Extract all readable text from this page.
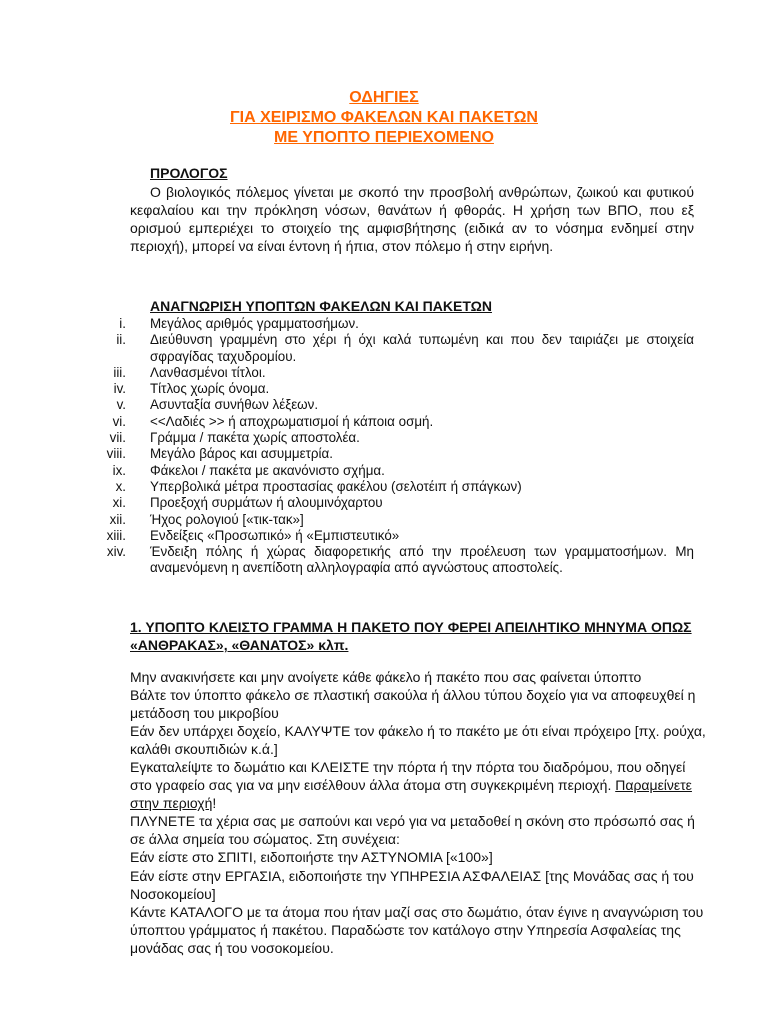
ΟΔΗΓΙΕΣ
ΓΙΑ ΧΕΙΡΙΣΜΟ ΦΑΚΕΛΩΝ ΚΑΙ ΠΑΚΕΤΩΝ
ΜΕ ΥΠΟΠΤΟ ΠΕΡΙΕΧΟΜΕΝΟ
ΠΡΟΛΟΓΟΣ
Ο βιολογικός πόλεμος γίνεται με σκοπό την προσβολή ανθρώπων, ζωικού και φυτικού κεφαλαίου και την πρόκληση νόσων, θανάτων ή φθοράς. Η χρήση των ΒΠΟ, που εξ ορισμού εμπεριέχει το στοιχείο της αμφισβήτησης (ειδικά αν το νόσημα ενδημεί στην περιοχή), μπορεί να είναι έντονη ή ήπια, στον πόλεμο ή στην ειρήνη.
ΑΝΑΓΝΩΡΙΣΗ ΥΠΟΠΤΩΝ ΦΑΚΕΛΩΝ ΚΑΙ ΠΑΚΕΤΩΝ
i.	Μεγάλος αριθμός γραμματοσήμων.
ii.	Διεύθυνση γραμμένη στο χέρι ή όχι καλά τυπωμένη και που δεν ταιριάζει με στοιχεία σφραγίδας ταχυδρομίου.
iii.	Λανθασμένοι τίτλοι.
iv.	Τίτλος χωρίς όνομα.
v.	Ασυνταξία συνήθων λέξεων.
vi.	<<Λαδιές >> ή αποχρωματισμοί ή κάποια οσμή.
vii.	Γράμμα / πακέτα χωρίς αποστολέα.
viii.	Μεγάλο βάρος και ασυμμετρία.
ix.	Φάκελοι / πακέτα με ακανόνιστο σχήμα.
x.	Υπερβολικά μέτρα προστασίας φακέλου (σελοτέιπ ή σπάγκων)
xi.	Προεξοχή συρμάτων ή αλουμινόχαρτου
xii.	Ήχος ρολογιού [«τικ-τακ»]
xiii.	Ενδείξεις «Προσωπικό» ή «Εμπιστευτικό»
xiv.	Ένδειξη πόλης ή χώρας διαφορετικής από την προέλευση των γραμματοσήμων. Μη αναμενόμενη η ανεπίδοτη αλληλογραφία από αγνώστους αποστολείς.
1. ΥΠΟΠΤΟ ΚΛΕΙΣΤΟ ΓΡΑΜΜΑ Η ΠΑΚΕΤΟ ΠΟΥ ΦΕΡΕΙ ΑΠΕΙΛΗΤΙΚΟ ΜΗΝΥΜΑ ΟΠΩΣ «ΑΝΘΡΑΚΑΣ», «ΘΑΝΑΤΟΣ» κλπ.
Μην ανακινήσετε και μην ανοίγετε κάθε φάκελο ή πακέτο που σας φαίνεται ύποπτο
Βάλτε τον ύποπτο φάκελο σε πλαστική σακούλα ή άλλου τύπου δοχείο για να αποφευχθεί η μετάδοση του μικροβίου
Εάν δεν υπάρχει δοχείο, ΚΑΛΥΨΤΕ τον φάκελο ή το πακέτο με ότι είναι πρόχειρο [πχ. ρούχα, καλάθι σκουπιδιών κ.ά.]
Εγκαταλείψτε το δωμάτιο και ΚΛΕΙΣΤΕ την πόρτα ή την πόρτα του διαδρόμου, που οδηγεί στο γραφείο σας για να μην εισέλθουν άλλα άτομα στη συγκεκριμένη περιοχή. Παραμείνετε στην περιοχή!
ΠΛΥΝΕΤΕ τα χέρια σας με σαπούνι και νερό για να μεταδοθεί η σκόνη στο πρόσωπό σας ή σε άλλα σημεία του σώματος. Στη συνέχεια:
Εάν είστε στο ΣΠΙΤΙ, ειδοποιήστε την ΑΣΤΥΝΟΜΙΑ [«100»]
Εάν είστε στην ΕΡΓΑΣΙΑ, ειδοποιήστε την ΥΠΗΡΕΣΙΑ ΑΣΦΑΛΕΙΑΣ [της Μονάδας σας ή του Νοσοκομείου]
Κάντε ΚΑΤΑΛΟΓΟ με τα άτομα που ήταν μαζί σας στο δωμάτιο, όταν έγινε η αναγνώριση του ύποπτου γράμματος ή πακέτου. Παραδώστε τον κατάλογο στην Υπηρεσία Ασφαλείας της μονάδας σας ή του νοσοκομείου.
